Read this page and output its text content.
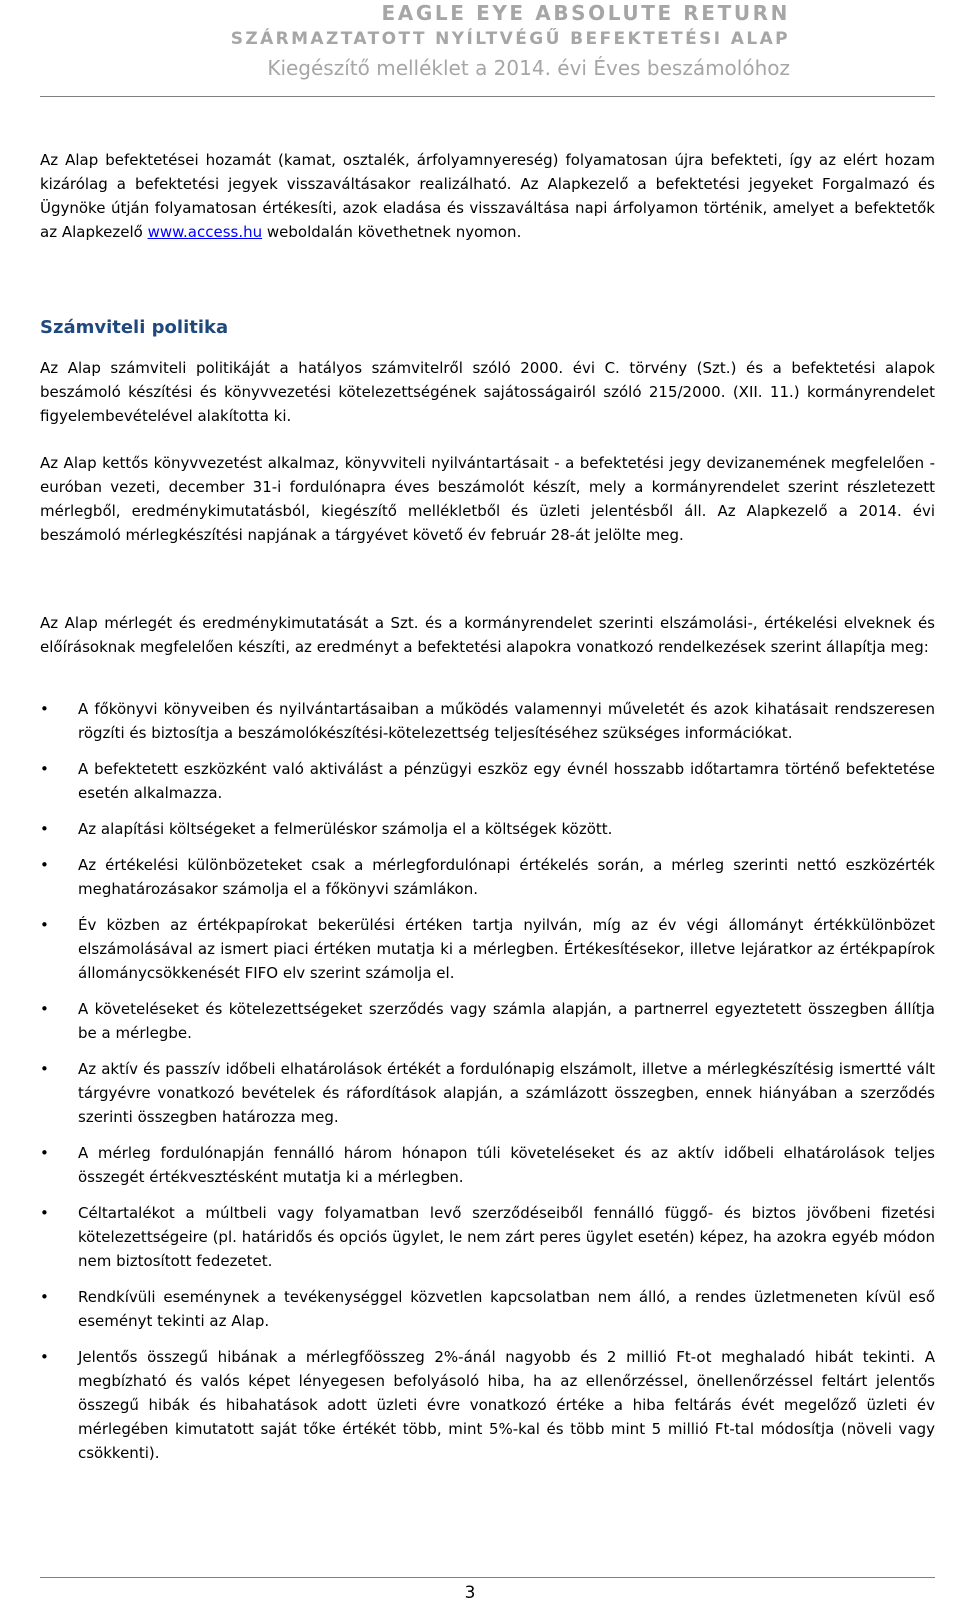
EAGLE EYE ABSOLUTE RETURN
SZÁRMAZTATOTT NYÍLTVÉGŰ BEFEKTETÉSI ALAP
Kiegészítő melléklet a 2014. évi Éves beszámolóhoz
Az Alap befektetései hozamát (kamat, osztalék, árfolyamnyereség) folyamatosan újra befekteti, így az elért hozam kizárólag a befektetési jegyek visszaváltásakor realizálható. Az Alapkezelő a befektetési jegyeket Forgalmazó és Ügynöke útján folyamatosan értékesíti, azok eladása és visszaváltása napi árfolyamon történik, amelyet a befektetők az Alapkezelő www.access.hu weboldalán követhetnek nyomon.
Számviteli politika
Az Alap számviteli politikáját a hatályos számvitelről szóló 2000. évi C. törvény (Szt.) és a befektetési alapok beszámoló készítési és könyvvezetési kötelezettségének sajátosságairól szóló 215/2000. (XII. 11.) kormányrendelet figyelembevételével alakította ki.
Az Alap kettős könyvvezetést alkalmaz, könyvviteli nyilvántartásait - a befektetési jegy devizanemének megfelelően - euróban vezeti, december 31-i fordulónapra éves beszámolót készít, mely a kormányrendelet szerint részletezett mérlegből, eredménykimutatásból, kiegészítő mellékletből és üzleti jelentésből áll. Az Alapkezelő a 2014. évi beszámoló mérlegkészítési napjának a tárgyévet követő év február 28-át jelölte meg.
Az Alap mérlegét és eredménykimutatását a Szt. és a kormányrendelet szerinti elszámolási-, értékelési elveknek és előírásoknak megfelelően készíti, az eredményt a befektetési alapokra vonatkozó rendelkezések szerint állapítja meg:
• A főkönyvi könyveiben és nyilvántartásaiban a működés valamennyi műveletét és azok kihatásait rendszeresen rögzíti és biztosítja a beszámolókészítési-kötelezettség teljesítéséhez szükséges információkat.
• A befektetett eszközként való aktiválást a pénzügyi eszköz egy évnél hosszabb időtartamra történő befektetése esetén alkalmazza.
• Az alapítási költségeket a felmerüléskor számolja el a költségek között.
• Az értékelési különbözeteket csak a mérlegfordulónapi értékelés során, a mérleg szerinti nettó eszközérték meghatározásakor számolja el a főkönyvi számlákon.
• Év közben az értékpapírokat bekerülési értéken tartja nyilván, míg az év végi állományt értékkülönbözet elszámolásával az ismert piaci értéken mutatja ki a mérlegben. Értékesítésekor, illetve lejáratkor az értékpapírok állománycsökkenését FIFO elv szerint számolja el.
• A követeléseket és kötelezettségeket szerződés vagy számla alapján, a partnerrel egyeztetett összegben állítja be a mérlegbe.
• Az aktív és passzív időbeli elhatárolások értékét a fordulónapig elszámolt, illetve a mérlegkészítésig ismertté vált tárgyévre vonatkozó bevételek és ráfordítások alapján, a számlázott összegben, ennek hiányában a szerződés szerinti összegben határozza meg.
• A mérleg fordulónapján fennálló három hónapon túli követeléseket és az aktív időbeli elhatárolások teljes összegét értékvesztésként mutatja ki a mérlegben.
• Céltartalékot a múltbeli vagy folyamatban levő szerződéseiből fennálló függő- és biztos jövőbeni fizetési kötelezettségeire (pl. határidős és opciós ügylet, le nem zárt peres ügylet esetén) képez, ha azokra egyéb módon nem biztosított fedezetet.
• Rendkívüli eseménynek a tevékenységgel közvetlen kapcsolatban nem álló, a rendes üzletmeneten kívül eső eseményt tekinti az Alap.
• Jelentős összegű hibának a mérlegfőösszeg 2%-ánál nagyobb és 2 millió Ft-ot meghaladó hibát tekinti. A megbízható és valós képet lényegesen befolyásoló hiba, ha az ellenőrzéssel, önellenőrzéssel feltárt jelentős összegű hibák és hibahatások adott üzleti évre vonatkozó értéke a hiba feltárás évét megelőző üzleti év mérlegében kimutatott saját tőke értékét több, mint 5%-kal és több mint 5 millió Ft-tal módosítja (növeli vagy csökkenti).
3
